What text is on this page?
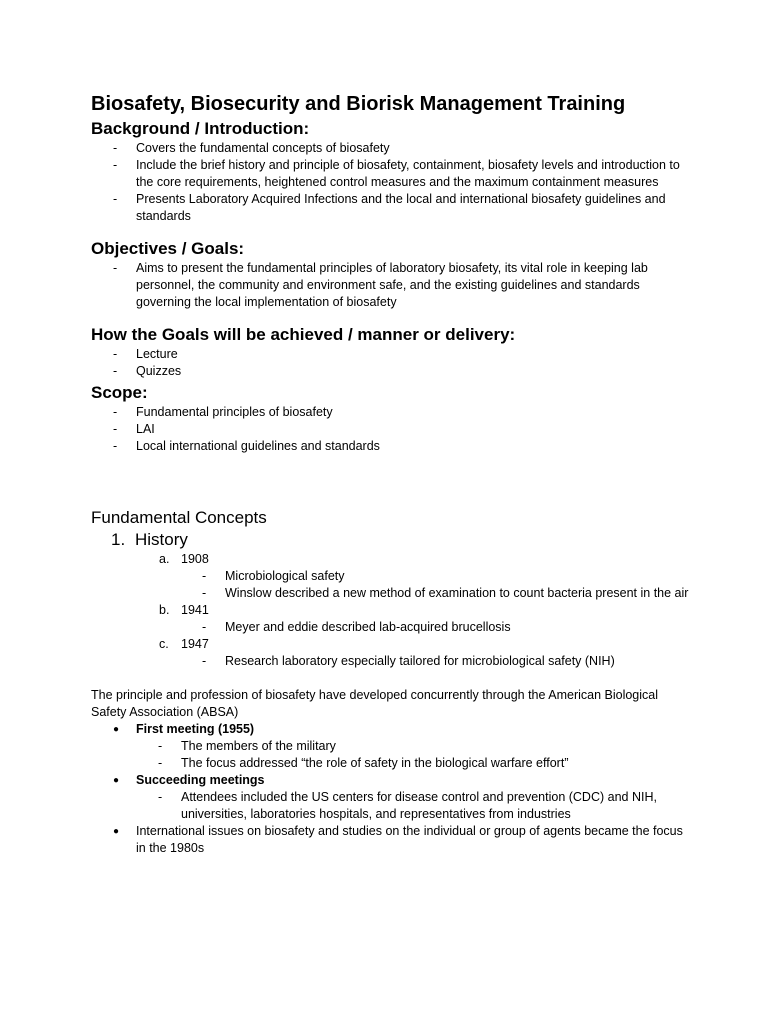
Biosafety, Biosecurity and Biorisk Management Training
Background / Introduction:
- Covers the fundamental concepts of biosafety
- Include the brief history and principle of biosafety, containment, biosafety levels and introduction to the core requirements, heightened control measures and the maximum containment measures
- Presents Laboratory Acquired Infections and the local and international biosafety guidelines and standards
Objectives / Goals:
- Aims to present the fundamental principles of laboratory biosafety, its vital role in keeping lab personnel, the community and environment safe, and the existing guidelines and standards governing the local implementation of biosafety
How the Goals will be achieved / manner or delivery:
- Lecture
- Quizzes
Scope:
- Fundamental principles of biosafety
- LAI
- Local international guidelines and standards
Fundamental Concepts
1. History
a. 1908
- Microbiological safety
- Winslow described a new method of examination to count bacteria present in the air
b. 1941
- Meyer and eddie described lab-acquired brucellosis
c. 1947
- Research laboratory especially tailored for microbiological safety (NIH)

The principle and profession of biosafety have developed concurrently through the American Biological Safety Association (ABSA)

● First meeting (1955)
- The members of the military
- The focus addressed “the role of safety in the biological warfare effort”
● Succeeding meetings
- Attendees included the US centers for disease control and prevention (CDC) and NIH, universities, laboratories hospitals, and representatives from industries
● International issues on biosafety and studies on the individual or group of agents became the focus in the 1980s
